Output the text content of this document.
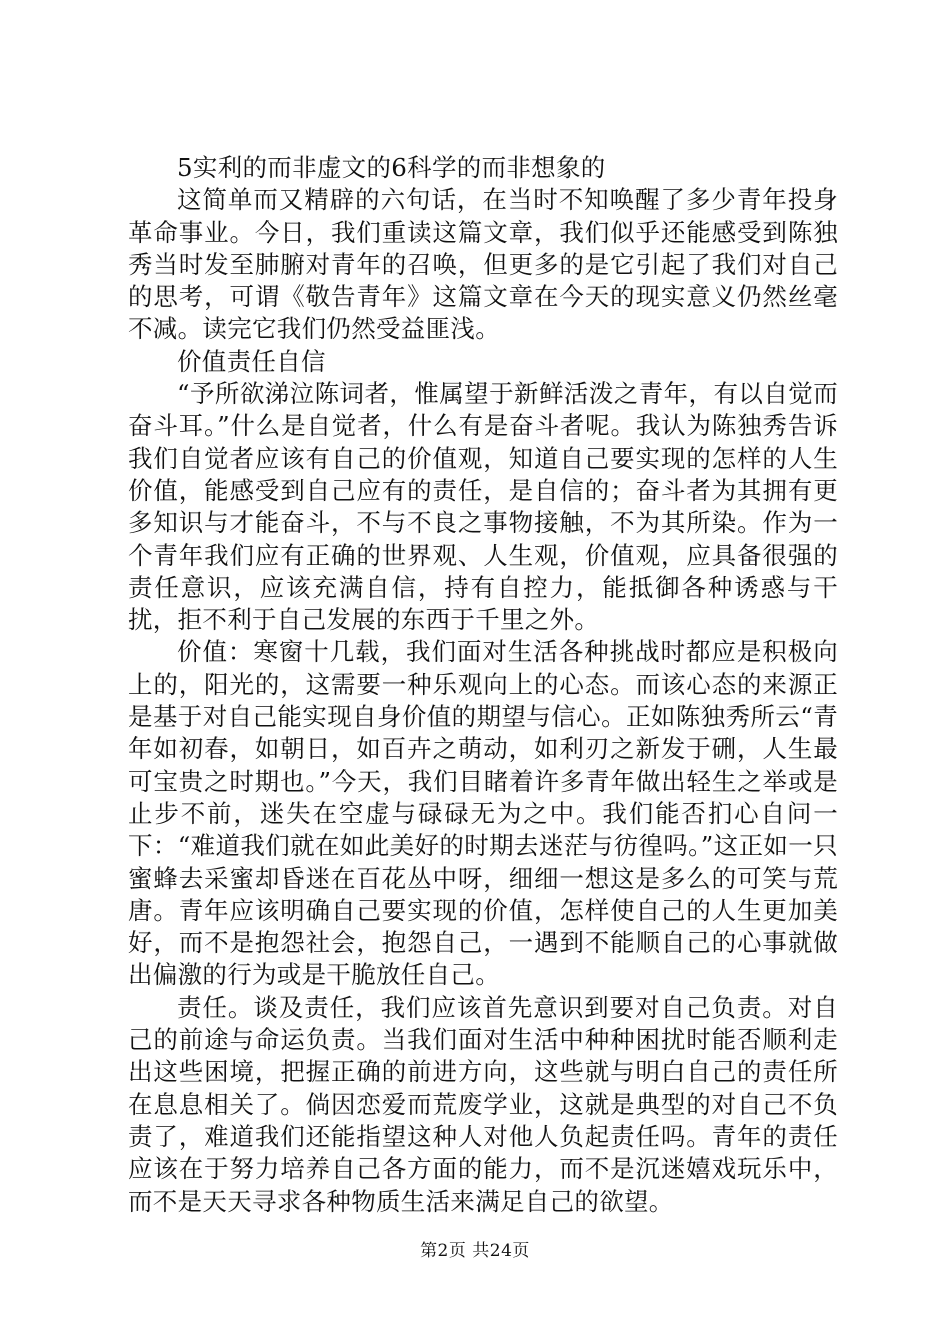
5实利的而非虚文的6科学的而非想象的

这简单而又精辟的六句话，在当时不知唤醒了多少青年投身革命事业。今日，我们重读这篇文章，我们似乎还能感受到陈独秀当时发至肺腑对青年的召唤，但更多的是它引起了我们对自己的思考，可谓《敬告青年》这篇文章在今天的现实意义仍然丝毫不减。读完它我们仍然受益匪浅。

价值责任自信

“予所欲涕泣陈词者，惟属望于新鲜活泼之青年，有以自觉而奋斗耳。”什么是自觉者，什么有是奋斗者呢。我认为陈独秀告诉我们自觉者应该有自己的价值观，知道自己要实现的怎样的人生价值，能感受到自己应有的责任，是自信的；奋斗者为其拥有更多知识与才能奋斗，不与不良之事物接触，不为其所染。作为一个青年我们应有正确的世界观、人生观，价值观，应具备很强的责任意识，应该充满自信，持有自控力，能抵御各种诱惑与干扰，拒不利于自己发展的东西于千里之外。

价值：寒窗十几载，我们面对生活各种挑战时都应是积极向上的，阳光的，这需要一种乐观向上的心态。而该心态的来源正是基于对自己能实现自身价值的期望与信心。正如陈独秀所云“青年如初春，如朝日，如百卉之萌动，如利刃之新发于硎，人生最可宝贵之时期也。”今天，我们目睹着许多青年做出轻生之举或是止步不前，迷失在空虚与碌碌无为之中。我们能否扪心自问一下：“难道我们就在如此美好的时期去迷茫与彷徨吗。”这正如一只蜜蜂去采蜜却昏迷在百花丛中呀，细细一想这是多么的可笑与荒唐。青年应该明确自己要实现的价值，怎样使自己的人生更加美好，而不是抱怨社会，抱怨自己，一遇到不能顺自己的心事就做出偏激的行为或是干脆放任自己。

责任。谈及责任，我们应该首先意识到要对自己负责。对自己的前途与命运负责。当我们面对生活中种种困扰时能否顺利走出这些困境，把握正确的前进方向，这些就与明白自己的责任所在息息相关了。倘因恋爱而荒废学业，这就是典型的对自己不负责了，难道我们还能指望这种人对他人负起责任吗。青年的责任应该在于努力培养自己各方面的能力，而不是沉迷嬉戏玩乐中，而不是天天寻求各种物质生活来满足自己的欲望。

第2页 共24页
